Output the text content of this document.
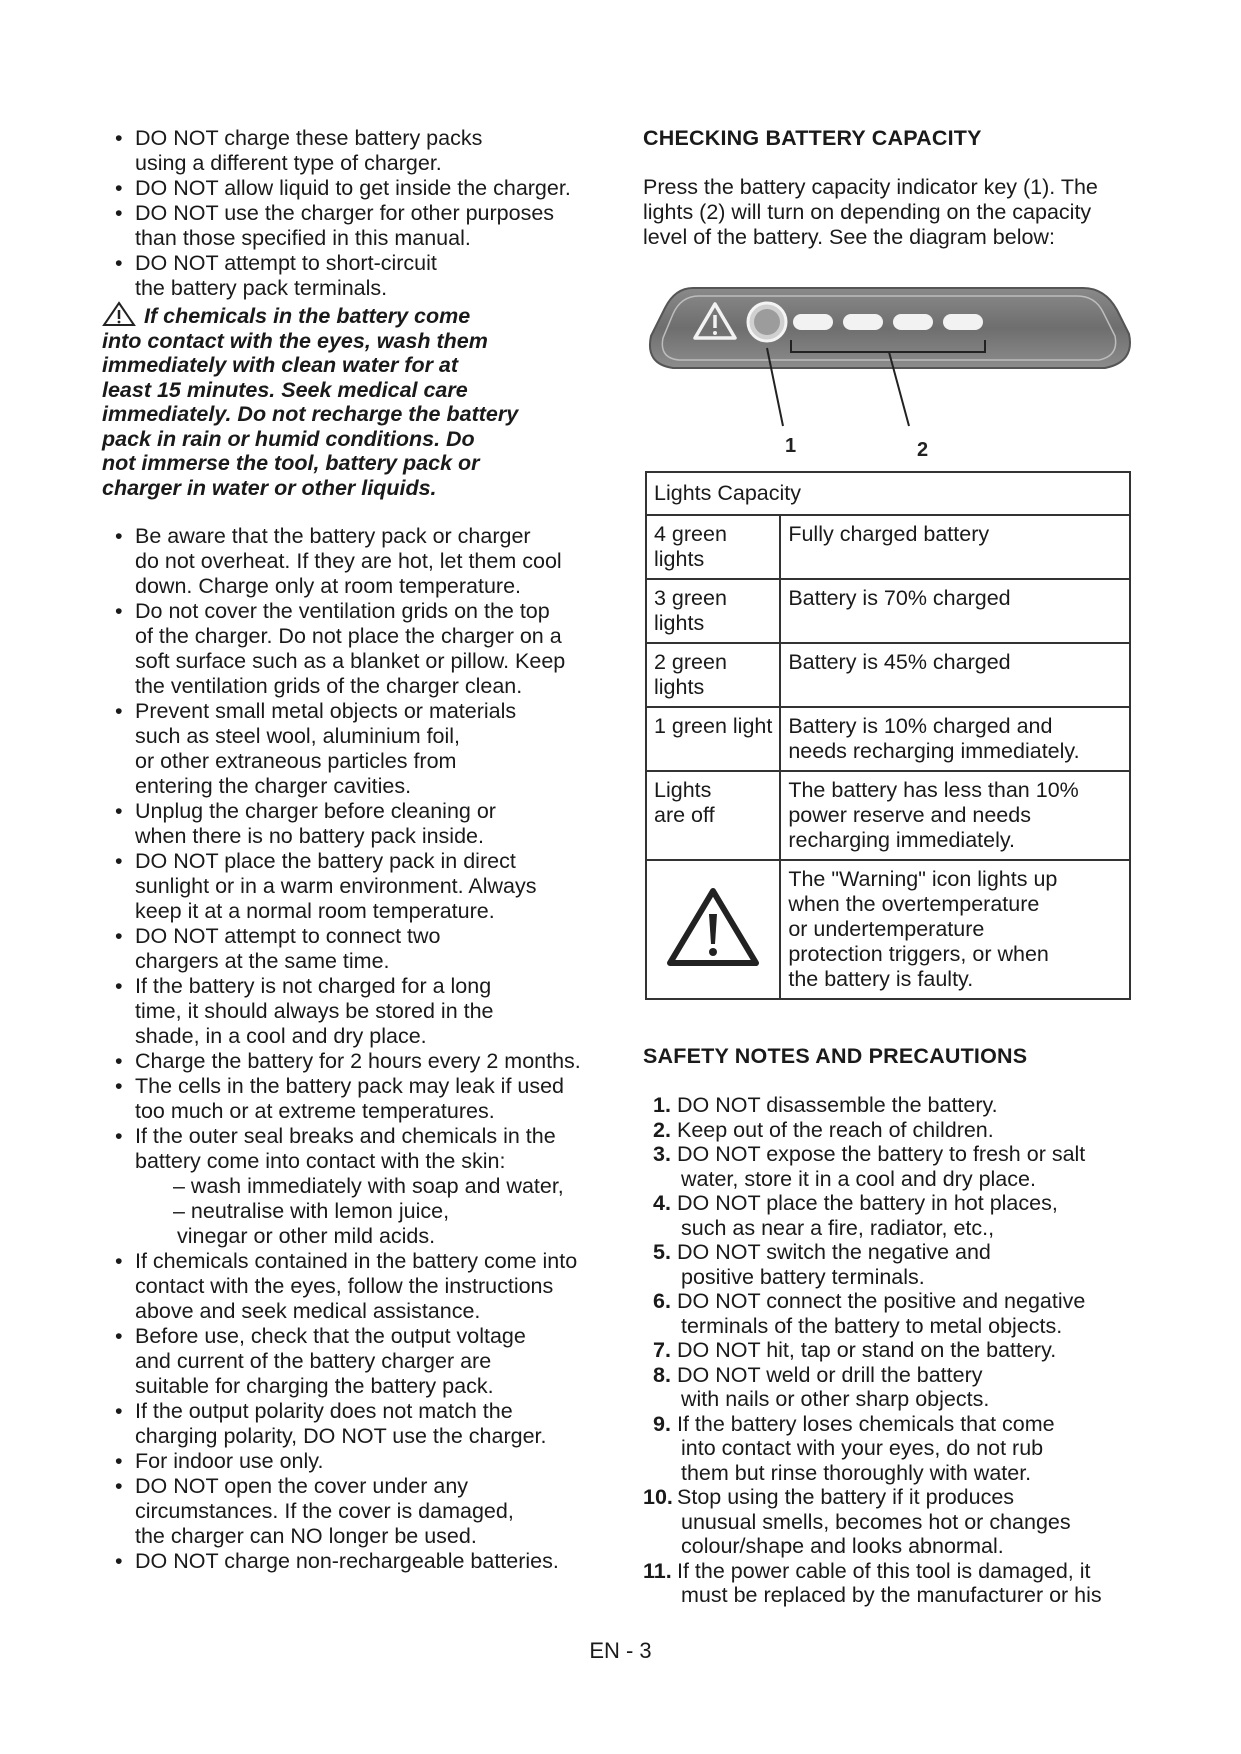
• DO NOT charge these battery packs
using a different type of charger.
• DO NOT allow liquid to get inside the charger.
• DO NOT use the charger for other purposes
than those specified in this manual.
• DO NOT attempt to short-circuit
the battery pack terminals.

If chemicals in the battery come
into contact with the eyes, wash them
immediately with clean water for at
least 15 minutes. Seek medical care
immediately. Do not recharge the battery
pack in rain or humid conditions. Do
not immerse the tool, battery pack or
charger in water or other liquids.

• Be aware that the battery pack or charger
do not overheat. If they are hot, let them cool
down. Charge only at room temperature.
• Do not cover the ventilation grids on the top
of the charger. Do not place the charger on a
soft surface such as a blanket or pillow. Keep
the ventilation grids of the charger clean.
• Prevent small metal objects or materials
such as steel wool, aluminium foil,
or other extraneous particles from
entering the charger cavities.
• Unplug the charger before cleaning or
when there is no battery pack inside.
• DO NOT place the battery pack in direct
sunlight or in a warm environment. Always
keep it at a normal room temperature.
• DO NOT attempt to connect two
chargers at the same time.
• If the battery is not charged for a long
time, it should always be stored in the
shade, in a cool and dry place.
• Charge the battery for 2 hours every 2 months.
• The cells in the battery pack may leak if used
too much or at extreme temperatures.
• If the outer seal breaks and chemicals in the
battery come into contact with the skin:
– wash immediately with soap and water,
– neutralise with lemon juice,
vinegar or other mild acids.
• If chemicals contained in the battery come into
contact with the eyes, follow the instructions
above and seek medical assistance.
• Before use, check that the output voltage
and current of the battery charger are
suitable for charging the battery pack.
• If the output polarity does not match the
charging polarity, DO NOT use the charger.
• For indoor use only.
• DO NOT open the cover under any
circumstances. If the cover is damaged,
the charger can NO longer be used.
• DO NOT charge non-rechargeable batteries.
CHECKING BATTERY CAPACITY

Press the battery capacity indicator key (1). The
lights (2) will turn on depending on the capacity
level of the battery. See the diagram below:

1	2
Lights Capacity	
4 green
lights	Fully charged battery
3 green
lights	Battery is 70% charged
2 green
lights	Battery is 45% charged
1 green light	Battery is 10% charged and
needs recharging immediately.
Lights
are off	The battery has less than 10%
power reserve and needs
recharging immediately.
	The "Warning" icon lights up
when the overtemperature
or undertemperature
protection triggers, or when
the battery is faulty.
SAFETY NOTES AND PRECAUTIONS

1. DO NOT disassemble the battery.

2. Keep out of the reach of children.

3. DO NOT expose the battery to fresh or salt
water, store it in a cool and dry place.

4. DO NOT place the battery in hot places,
such as near a fire, radiator, etc.,

5. DO NOT switch the negative and
positive battery terminals.

6. DO NOT connect the positive and negative
terminals of the battery to metal objects.

7. DO NOT hit, tap or stand on the battery.

8. DO NOT weld or drill the battery
with nails or other sharp objects.

9. If the battery loses chemicals that come
into contact with your eyes, do not rub
them but rinse thoroughly with water.

10. Stop using the battery if it produces
unusual smells, becomes hot or changes
colour/shape and looks abnormal.

11. If the power cable of this tool is damaged, it
must be replaced by the manufacturer or his

EN - 3
